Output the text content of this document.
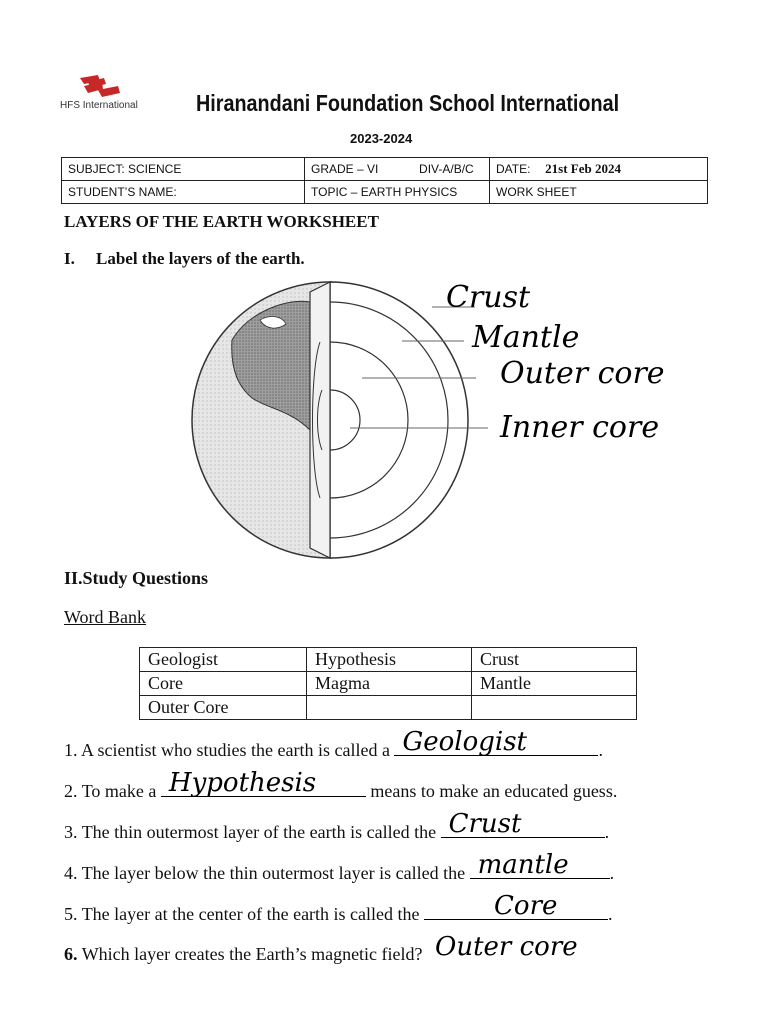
HFS International	Hiranandani Foundation School International
2023-2024
SUBJECT: SCIENCE	GRADE – VI DIV-A/B/C	DATE: 21st Feb 2024
STUDENT’S NAME:	TOPIC – EARTH PHYSICS	WORK SHEET
LAYERS OF THE EARTH WORKSHEET
I. Label the layers of the earth.
Crust
Mantle
Outer core
Inner core
II.Study Questions
Word Bank
Geologist	Hypothesis	Crust
Core	Magma	Mantle
Outer Core		
1. A scientist who studies the earth is called a Geologist	.
2. To make a Hypothesis	means to make an educated guess.
3. The thin outermost layer of the earth is called the Crust	.
4. The layer below the thin outermost layer is called the mantle .
5. The layer at the center of the earth is called the	Core	.
6. Which layer creates the Earth’s magnetic field? Outer core
